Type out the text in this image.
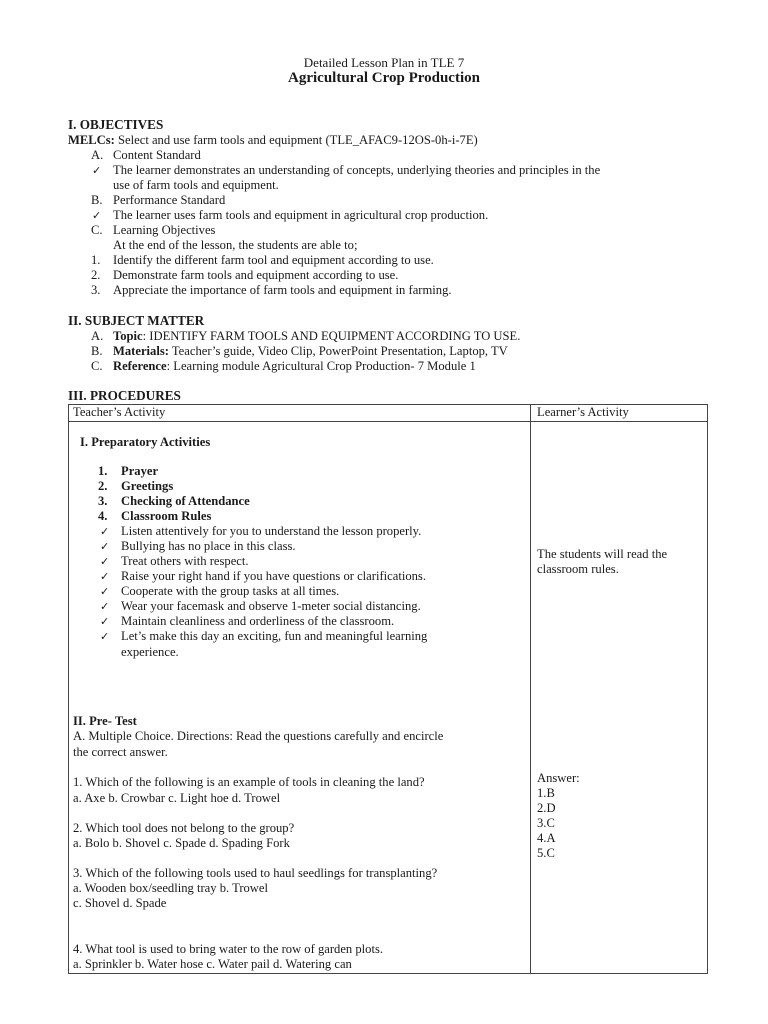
Detailed Lesson Plan in TLE 7
Agricultural Crop Production
I. OBJECTIVES
MELCs: Select and use farm tools and equipment (TLE_AFAC9-12OS-0h-i-7E)
A. Content Standard
✓ The learner demonstrates an understanding of concepts, underlying theories and principles in the
use of farm tools and equipment.
B. Performance Standard
✓ The learner uses farm tools and equipment in agricultural crop production.
C. Learning Objectives
At the end of the lesson, the students are able to;
1. Identify the different farm tool and equipment according to use.
2. Demonstrate farm tools and equipment according to use.
3. Appreciate the importance of farm tools and equipment in farming.
II. SUBJECT MATTER
A. Topic: IDENTIFY FARM TOOLS AND EQUIPMENT ACCORDING TO USE.
B. Materials: Teacher’s guide, Video Clip, PowerPoint Presentation, Laptop, TV
C. Reference: Learning module Agricultural Crop Production- 7 Module 1
III. PROCEDURES
Teacher’s Activity	Learner’s Activity
I. Preparatory Activities
1. Prayer
2. Greetings
3. Checking of Attendance
4. Classroom Rules
✓ Listen attentively for you to understand the lesson properly.
✓ Bullying has no place in this class.
✓ Treat others with respect.
✓ Raise your right hand if you have questions or clarifications.
✓ Cooperate with the group tasks at all times.
✓ Wear your facemask and observe 1-meter social distancing.
✓ Maintain cleanliness and orderliness of the classroom.
✓ Let’s make this day an exciting, fun and meaningful learning
experience.
The students will read the
classroom rules.
II. Pre- Test
A. Multiple Choice. Directions: Read the questions carefully and encircle
the correct answer.
1. Which of the following is an example of tools in cleaning the land?
a. Axe b. Crowbar c. Light hoe d. Trowel
2. Which tool does not belong to the group?
a. Bolo b. Shovel c. Spade d. Spading Fork
3. Which of the following tools used to haul seedlings for transplanting?
a. Wooden box/seedling tray b. Trowel
c. Shovel d. Spade
4. What tool is used to bring water to the row of garden plots.
a. Sprinkler b. Water hose c. Water pail d. Watering can
Answer:
1.B
2.D
3.C
4.A
5.C
